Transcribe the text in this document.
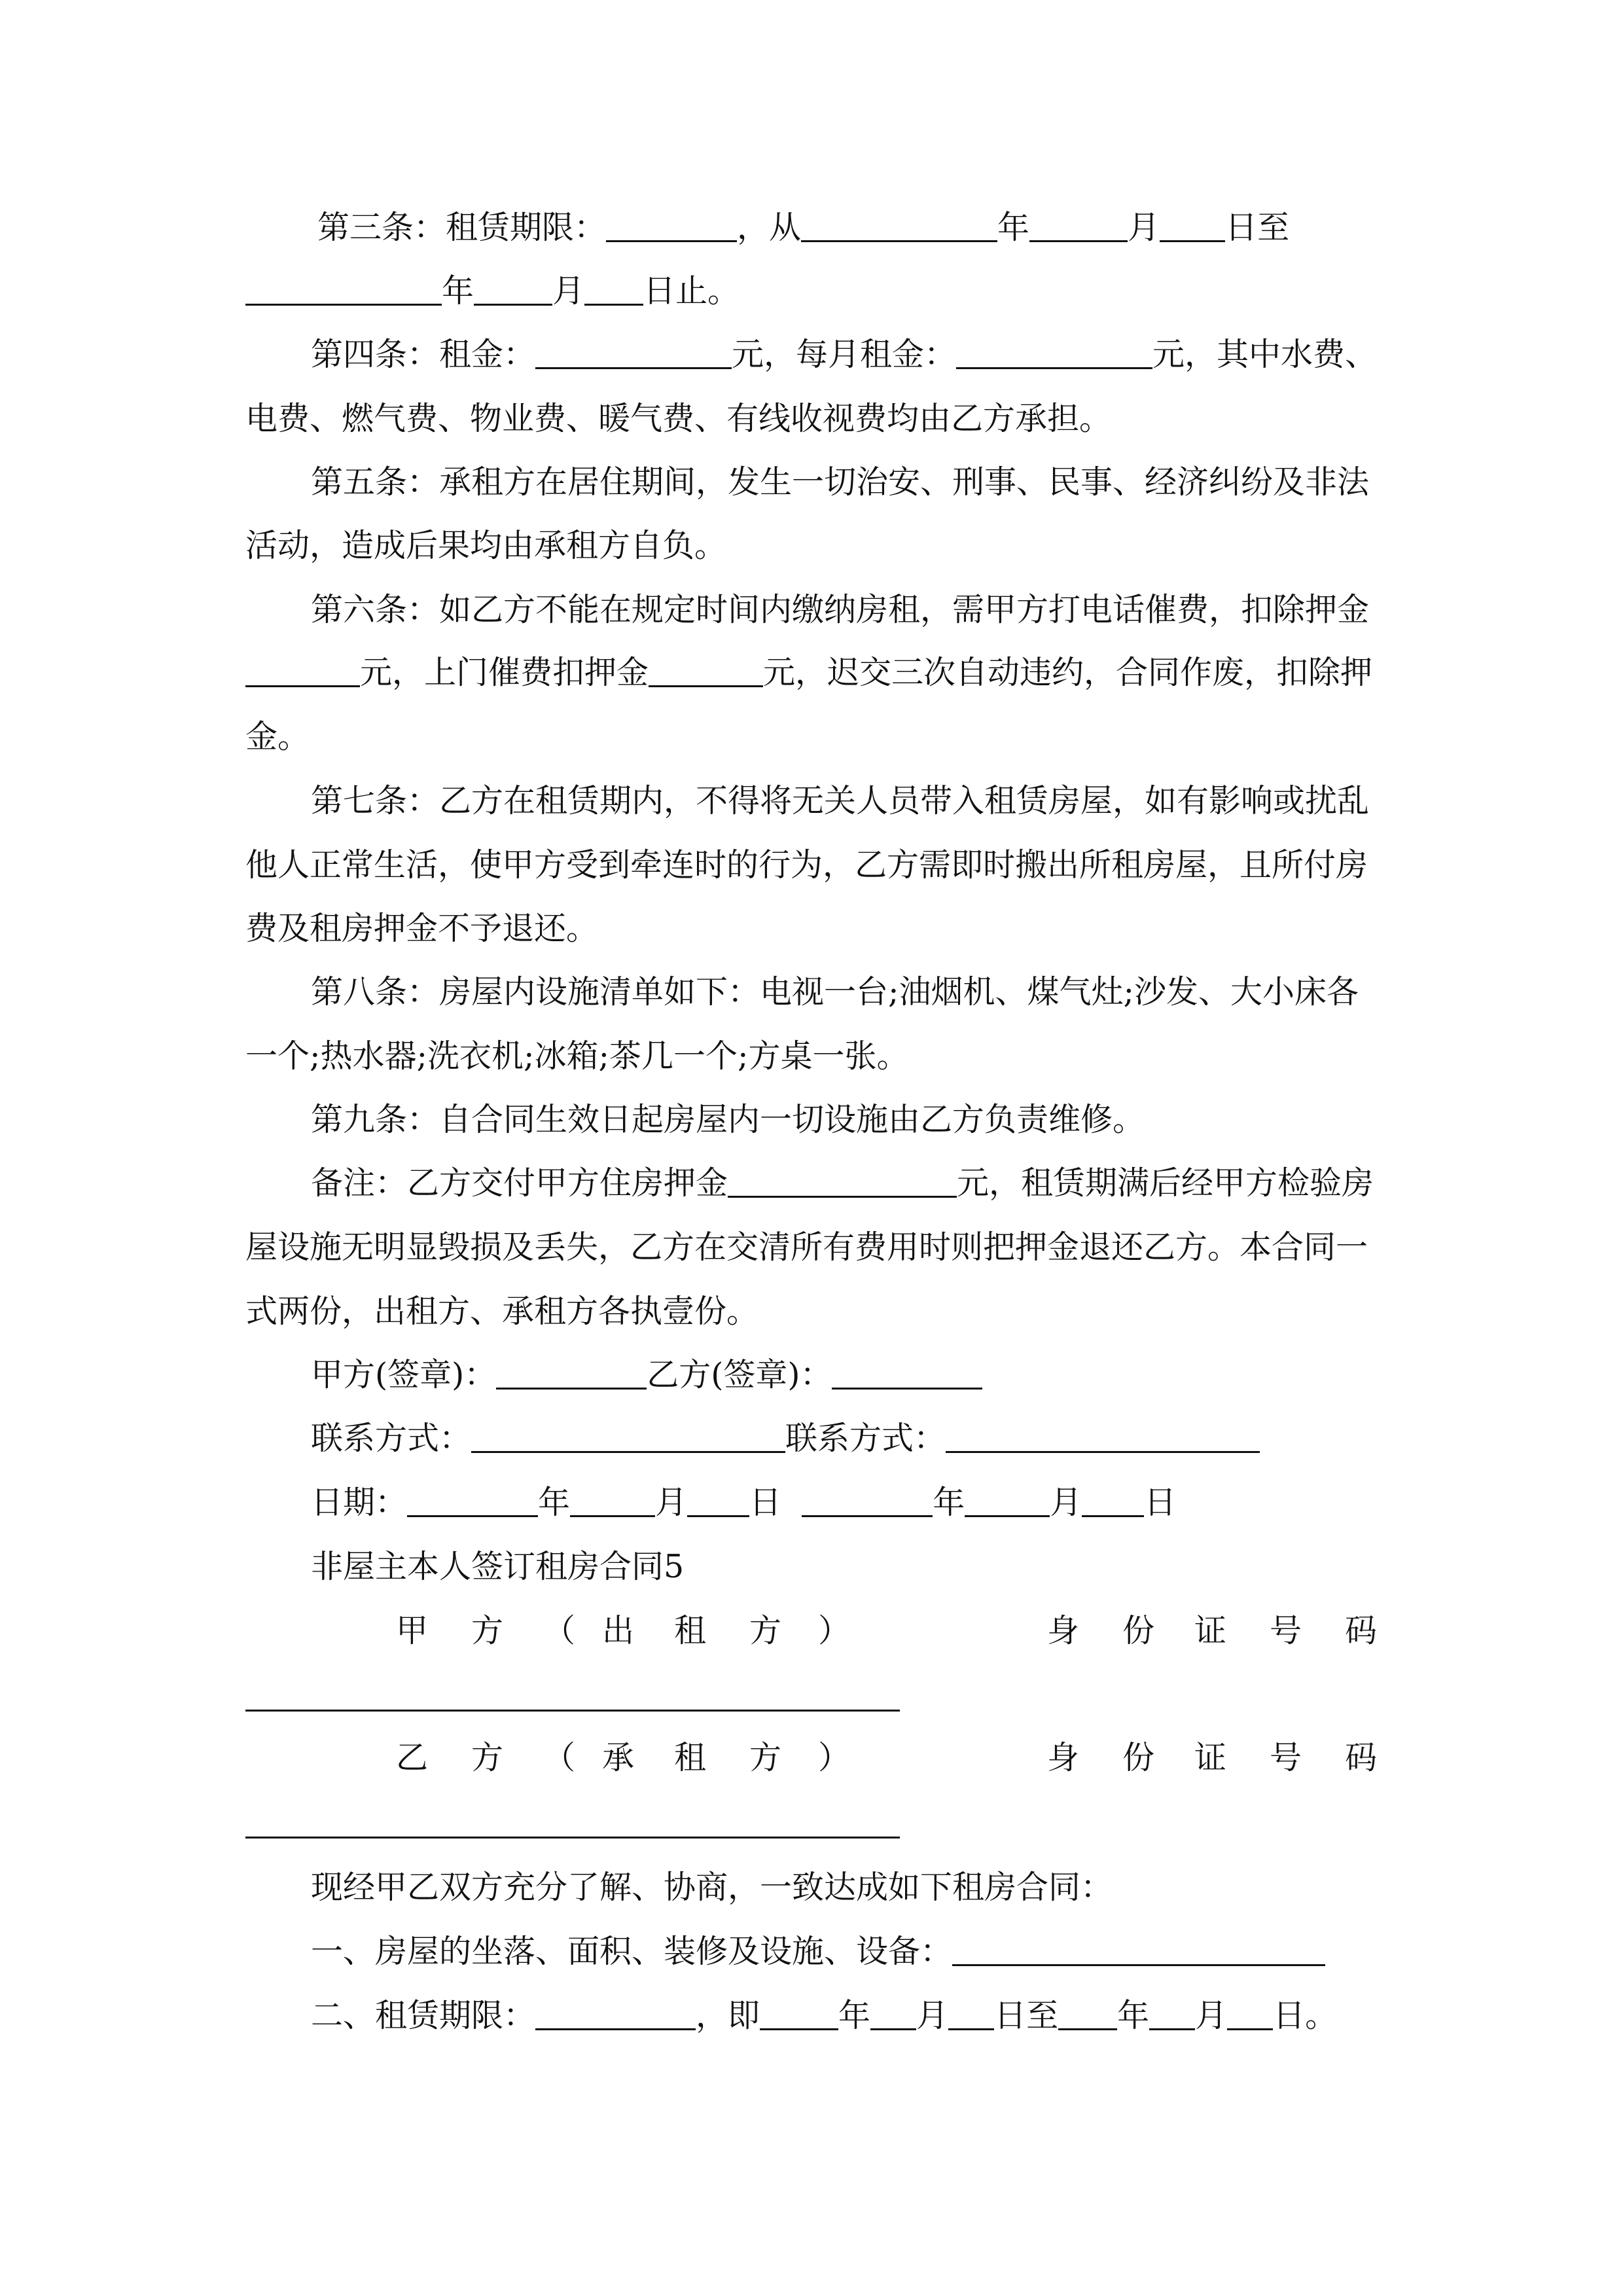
第三条：租赁期限：	，从	年	月 日至
年 月 日止。
第四条：租金：	元，每月租金：	元，其中水费、
电费、燃气费、物业费、暖气费、有线收视费均由乙方承担。
第五条：承租方在居住期间，发生一切治安、刑事、民事、经济纠纷及非法
活动，造成后果均由承租方自负。
第六条：如乙方不能在规定时间内缴纳房租，需甲方打电话催费，扣除押金
元，上门催费扣押金	元，迟交三次自动违约，合同作废，扣除押
金。
第七条：乙方在租赁期内，不得将无关人员带入租赁房屋，如有影响或扰乱
他人正常生活，使甲方受到牵连时的行为，乙方需即时搬出所租房屋，且所付房
费及租房押金不予退还。
第八条：房屋内设施清单如下：电视一台;油烟机、煤气灶;沙发、大小床各
一个;热水器;洗衣机;冰箱;茶几一个;方桌一张。
第九条：自合同生效日起房屋内一切设施由乙方负责维修。
备注：乙方交付甲方住房押金	元，租赁期满后经甲方检验房
屋设施无明显毁损及丢失，乙方在交清所有费用时则把押金退还乙方。本合同一
式两份，出租方、承租方各执壹份。
甲方(签章)：	乙方(签章)：
联系方式：	联系方式：
日期：	年	月 日	年	月 日
非屋主本人签订租房合同5
甲 方 （ 出 租 方 ）	身 份 证 号 码
乙 方 （ 承 租 方 ）	身 份 证 号 码
现经甲乙双方充分了解、协商，一致达成如下租房合同：
一、房屋的坐落、面积、装修及设施、设备：
二、租赁期限：	，即 年 月 日至 年 月 日。
